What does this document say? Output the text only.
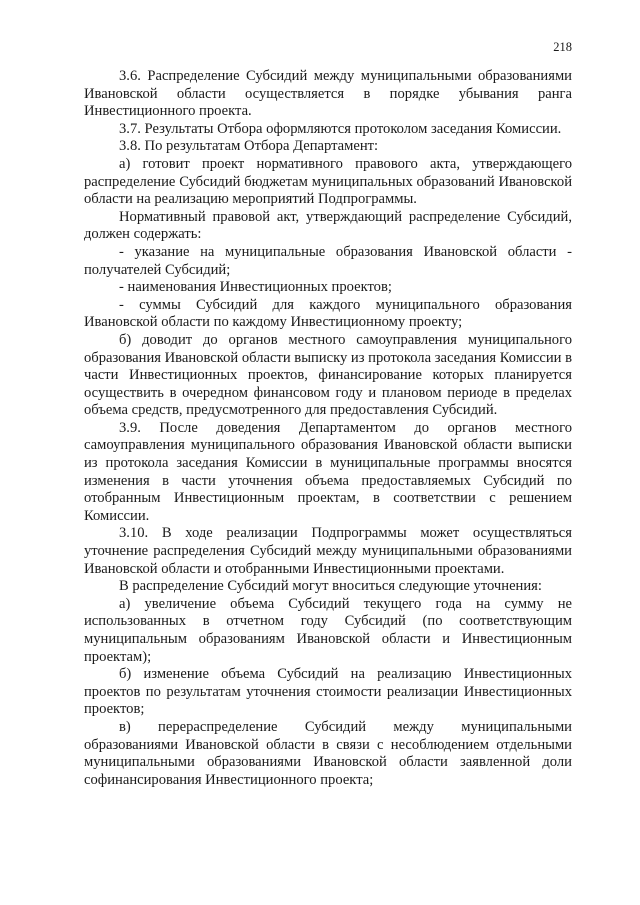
218

3.6. Распределение Субсидий между муниципальными образованиями Ивановской области осуществляется в порядке убывания ранга Инвестиционного проекта.

3.7. Результаты Отбора оформляются протоколом заседания Комиссии.

3.8. По результатам Отбора Департамент:

а) готовит проект нормативного правового акта, утверждающего распределение Субсидий бюджетам муниципальных образований Ивановской области на реализацию мероприятий Подпрограммы.

Нормативный правовой акт, утверждающий распределение Субсидий, должен содержать:

- указание на муниципальные образования Ивановской области - получателей Субсидий;

- наименования Инвестиционных проектов;

- суммы Субсидий для каждого муниципального образования Ивановской области по каждому Инвестиционному проекту;

б) доводит до органов местного самоуправления муниципального образования Ивановской области выписку из протокола заседания Комиссии в части Инвестиционных проектов, финансирование которых планируется осуществить в очередном финансовом году и плановом периоде в пределах объема средств, предусмотренного для предоставления Субсидий.

3.9. После доведения Департаментом до органов местного самоуправления муниципального образования Ивановской области выписки из протокола заседания Комиссии в муниципальные программы вносятся изменения в части уточнения объема предоставляемых Субсидий по отобранным Инвестиционным проектам, в соответствии с решением Комиссии.

3.10. В ходе реализации Подпрограммы может осуществляться уточнение распределения Субсидий между муниципальными образованиями Ивановской области и отобранными Инвестиционными проектами.

В распределение Субсидий могут вноситься следующие уточнения:

а) увеличение объема Субсидий текущего года на сумму не использованных в отчетном году Субсидий (по соответствующим муниципальным образованиям Ивановской области и Инвестиционным проектам);

б) изменение объема Субсидий на реализацию Инвестиционных проектов по результатам уточнения стоимости реализации Инвестиционных проектов;

в) перераспределение Субсидий между муниципальными образованиями Ивановской области в связи с несоблюдением отдельными муниципальными образованиями Ивановской области заявленной доли софинансирования Инвестиционного проекта;
